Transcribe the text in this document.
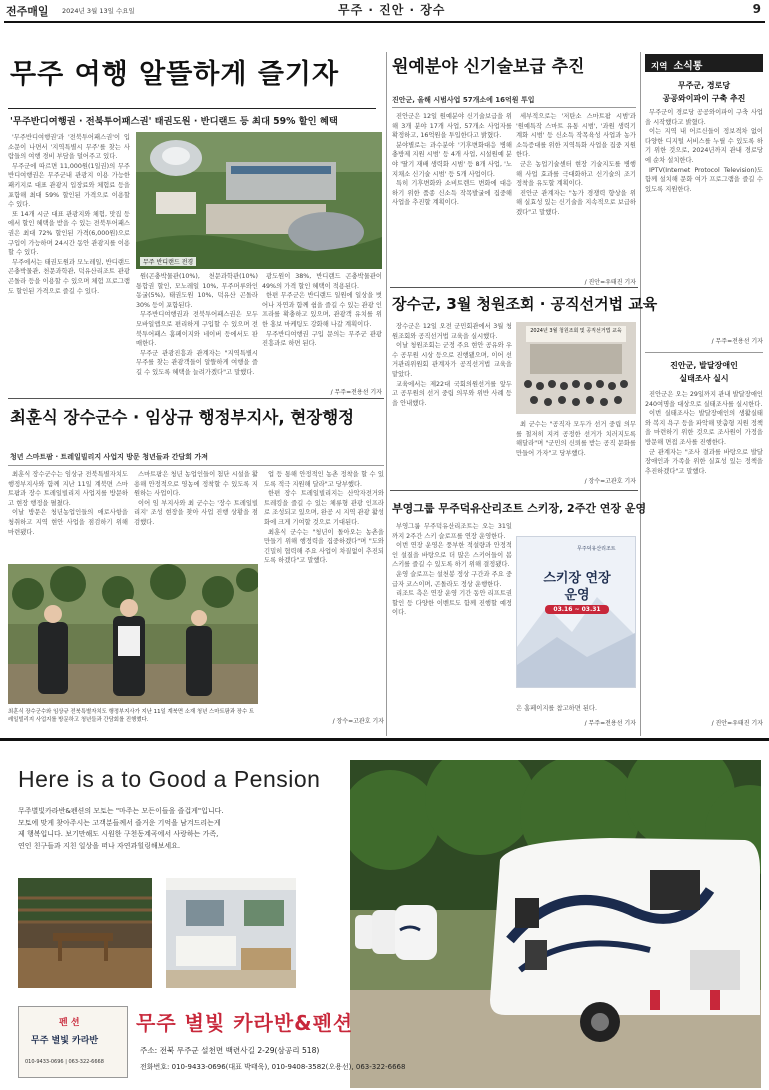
전주매일 2024년 3월 13일 수요일	무주 · 진안 · 장수	9
무주 여행 알뜰하게 즐기자
'무주반디여행권 · 전북투어패스권' 태권도원 · 반디랜드 등 최대 59% 할인 혜택

'무주반디여행권'과 '전북투어패스권'이 입소문이 나면서 '지역특별시 무주'를 찾는 사람들의 여행 경비 부담을 덜어주고 있다.

무주군에 따르면 11,000원(1일권)의 무주반디여행권은 무주군내 관광지 이용 가능한 패키지로 대표 관광지 입장료와 체험료 등을 포함해 최대 59% 할인된 가격으로 이용할 수 있다.

또 14개 시군 대표 관광지와 체험, 맛집 등에서 할인 혜택을 받을 수 있는 전북투어패스권은 최대 72% 할인된 가격(6,000원)으로 구입이 가능하며 24시간 동안 관광지를 이용할 수 있다.

무주에서는 태권도원과 모노레일, 반디랜드 곤충박물관, 천문과학관, 덕유산리조트 관광곤돌라 등을 이용할 수 있으며 체험 프로그램도 할인된 가격으로 즐길 수 있다.

무주 반디랜드 전경

원(곤충박물관(10%), 천문과학관(10%) 통합권 할인, 모노레일 10%, 무주머루와인동굴(5%), 태권도원 10%, 덕유산 곤돌라 30% 등이 포함된다.

무주반디여행권과 전북투어패스권은 모두 모바일앱으로 편리하게 구입할 수 있으며 전북투어패스 홈페이지와 네이버 등에서도 판매한다.

무주군 관광진흥과 관계자는 "지역특별시 무주를 찾는 관광객들이 알뜰하게 여행을 즐길 수 있도록 혜택을 늘려가겠다"고 말했다.

광도원이 38%, 반디랜드 곤충박물관이 49%의 가격 할인 혜택이 적용된다.

한편 무주군은 반디랜드 일원에 일상을 벗어나 자연과 함께 쉼을 즐길 수 있는 관광 인프라를 확충하고 있으며, 관광객 유치를 위한 홍보 마케팅도 강화해 나갈 계획이다.

무주반디여행권 구입 문의는 무주군 관광진흥과로 하면 된다.

/ 무주=전용선 기자
원예분야 신기술보급 추진
진안군, 올해 시범사업 57개소에 16억원 투입

진안군은 12일 원예분야 신기술보급을 위해 3개 분야 17개 사업, 57개소 사업자를 확정하고, 16억원을 투입한다고 밝혔다.

분야별로는 과수분야 '기후변화대응 병해충방제 지원 시범' 등 4개 사업, 시설원예 분야 '딸기 재배 생력화 시범' 등 8개 사업, '노지채소 신기술 시범' 등 5개 사업이다.

특히 기후변화와 소비트렌드 변화에 대응하기 위한 품종 신소득 작목발굴에 집중해 사업을 추진할 계획이다.

세부적으로는 '저탄소 스마트팜 시범'과 '원예특작 스마트 유통 시범', '과원 생력기계화 시범' 등 신소득 작목육성 사업과 농가 소득증대를 위한 지역특화 사업을 집중 지원한다.

군은 농업기술센터 현장 기술지도를 병행해 사업 효과를 극대화하고 신기술의 조기 정착을 유도할 계획이다.

진안군 관계자는 "농가 경쟁력 향상을 위해 실효성 있는 신기술을 지속적으로 보급하겠다"고 말했다.

/ 진안=우태진 기자
장수군, 3월 청원조회 · 공직선거법 교육

장수군은 12일 오전 군민회관에서 3월 청원조회와 공직선거법 교육을 실시했다.

이날 청원조회는 군정 주요 현안 공유와 우수 공무원 시상 등으로 진행됐으며, 이어 선거관리위원회 관계자가 공직선거법 교육을 맡았다.

교육에서는 제22대 국회의원선거를 앞두고 공무원의 선거 중립 의무와 위반 사례 등을 안내했다.

2024년 3월 청원조회 및 공직선거법 교육

최 군수는 "공직자 모두가 선거 중립 의무를 철저히 지켜 공정한 선거가 치러지도록 해달라"며 "군민의 신뢰를 받는 공직 문화를 만들어 가자"고 당부했다.

/ 장수=고관호 기자
최훈식 장수군수 · 임상규 행정부지사, 현장행정
청년 스마트팜 · 트레일빌리지 사업지 방문 청년들과 간담회 가져

최훈식 장수군수는 임상규 전북특별자치도 행정부지사와 함께 지난 11일 계북면 스마트팜과 장수 트레일빌리지 사업지를 방문하고 현장 행정을 펼쳤다.

이날 방문은 청년농업인들의 애로사항을 청취하고 지역 현안 사업을 점검하기 위해 마련됐다.

스마트팜은 청년 농업인들이 첨단 시설을 활용해 안정적으로 영농에 정착할 수 있도록 지원하는 사업이다.

이어 임 부지사와 최 군수는 '장수 트레일빌리지' 조성 현장을 찾아 사업 진행 상황을 점검했다.

최훈식 장수군수와 임상규 전북특별자치도 행정부지사가 지난 11일 계북면 소재 청년 스마트팜과 장수 트레일빌리지 사업지를 방문하고 청년들과 간담회를 진행했다.

업 등 통해 안정적인 농촌 정착을 할 수 있도록 적극 지원해 달라"고 당부했다.

한편 장수 트레일빌리지는 산악자전거와 트레킹을 즐길 수 있는 체류형 관광 인프라로 조성되고 있으며, 완공 시 지역 관광 활성화에 크게 기여할 것으로 기대된다.

최훈식 군수는 "청년이 돌아오는 농촌을 만들기 위해 행정력을 집중하겠다"며 "도와 긴밀히 협력해 주요 사업이 차질없이 추진되도록 하겠다"고 말했다.

/ 장수=고관호 기자
부영그룹 무주덕유산리조트 스키장, 2주간 연장 운영

부영그룹 무주덕유산리조트는 오는 31일까지 2주간 스키 슬로프를 연장 운영한다.

이번 연장 운영은 풍부한 적설량과 안정적인 설질을 바탕으로 더 많은 스키어들이 봄 스키를 즐길 수 있도록 하기 위해 결정됐다.

운영 슬로프는 설천봉 정상 구간과 주요 중급자 코스이며, 곤돌라도 정상 운행한다.

리조트 측은 연장 운영 기간 동안 리프트권 할인 등 다양한 이벤트도 함께 진행할 예정이다.

무주덕유산리조트
스키장 연장
운영
03.16 ~ 03.31
은 홈페이지를 참고하면 된다.
/ 무주=전용선 기자
지역 소식통
무주군, 경로당
공공와이파이 구축 추진

무주군이 경로당 공공와이파이 구축 사업을 시작했다고 밝혔다.

이는 지역 내 어르신들이 정보격차 없이 다양한 디지털 서비스를 누릴 수 있도록 하기 위한 것으로, 2024년까지 관내 경로당에 순차 설치한다.

IPTV(Internet Protocol Television)도 함께 설치해 문화 여가 프로그램을 즐길 수 있도록 지원한다.

/ 무주=전용선 기자
진안군, 발달장애인
실태조사 실시

진안군은 오는 29일까지 관내 발달장애인 240여명을 대상으로 실태조사를 실시한다.

이번 실태조사는 발달장애인의 생활실태와 복지 욕구 등을 파악해 맞춤형 지원 정책을 마련하기 위한 것으로 조사원이 가정을 방문해 면접 조사를 진행한다.

군 관계자는 "조사 결과를 바탕으로 발달장애인과 가족을 위한 실효성 있는 정책을 추진하겠다"고 말했다.

/ 진안=우태진 기자
Here is a to Good a Pension
무주별빛카라반&펜션의 모토는 "마주는 모든이들을 즐겁게"입니다.
모토에 맞게 찾아주시는 고객분들께서 즐거운 기억을 남겨드리는게
제 행복입니다. 보기만해도 시원한 구천동계곡에서 사랑하는 가족,
연인 친구들과 지친 일상을 떠나 자연과힐링해보세요.
펜 션
무주 별빛 카라반
010-9433-0696 | 063-322-6668
무주 별빛 카라반&펜션
주소: 전북 무주군 설천면 백련사길 2-29(삼공리 518)
전화번호: 010-9433-0696(대표 박태욱), 010-9408-3582(오용선), 063-322-6668
